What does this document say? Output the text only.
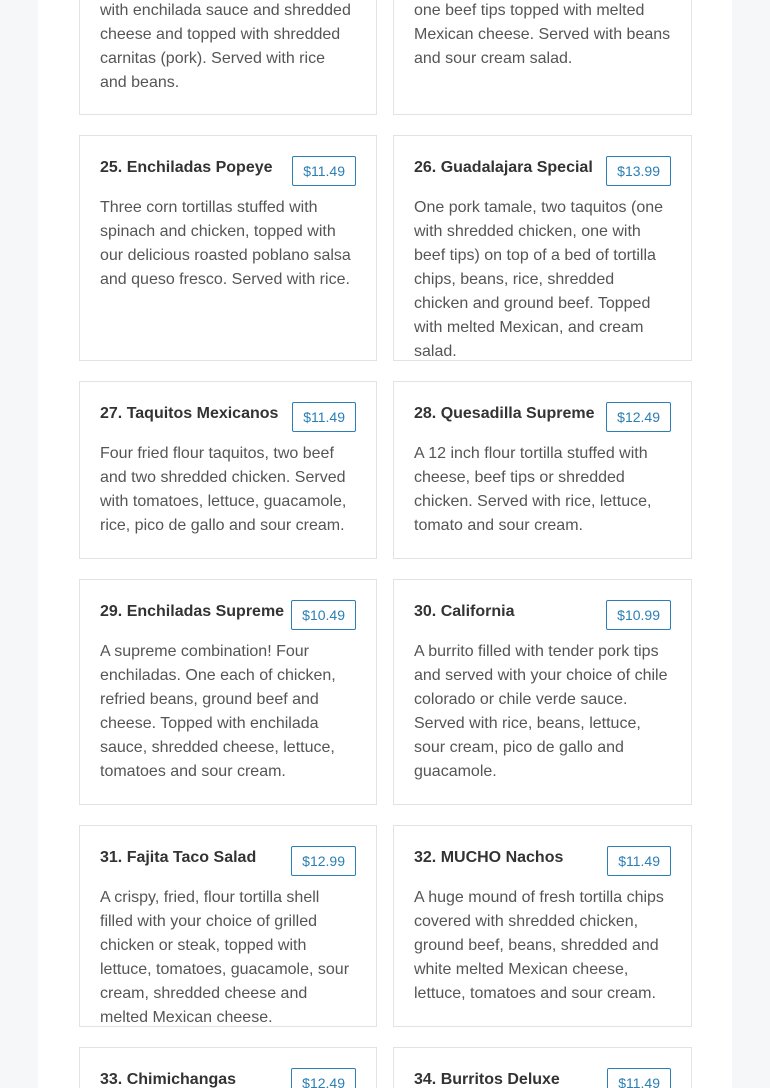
with enchilada sauce and shredded cheese and topped with shredded carnitas (pork). Served with rice and beans.
one beef tips topped with melted Mexican cheese. Served with beans and sour cream salad.
25. Enchiladas Popeye	$11.49
Three corn tortillas stuffed with spinach and chicken, topped with our delicious roasted poblano salsa and queso fresco. Served with rice.
26. Guadalajara Special	$13.99
One pork tamale, two taquitos (one with shredded chicken, one with beef tips) on top of a bed of tortilla chips, beans, rice, shredded chicken and ground beef. Topped with melted Mexican, and cream salad.
27. Taquitos Mexicanos	$11.49
Four fried flour taquitos, two beef and two shredded chicken. Served with tomatoes, lettuce, guacamole, rice, pico de gallo and sour cream.
28. Quesadilla Supreme	$12.49
A 12 inch flour tortilla stuffed with cheese, beef tips or shredded chicken. Served with rice, lettuce, tomato and sour cream.
29. Enchiladas Supreme	$10.49
A supreme combination! Four enchiladas. One each of chicken, refried beans, ground beef and cheese. Topped with enchilada sauce, shredded cheese, lettuce, tomatoes and sour cream.
30. California	$10.99
A burrito filled with tender pork tips and served with your choice of chile colorado or chile verde sauce. Served with rice, beans, lettuce, sour cream, pico de gallo and guacamole.
31. Fajita Taco Salad	$12.99
A crispy, fried, flour tortilla shell filled with your choice of grilled chicken or steak, topped with lettuce, tomatoes, guacamole, sour cream, shredded cheese and melted Mexican cheese.
32. MUCHO Nachos	$11.49
A huge mound of fresh tortilla chips covered with shredded chicken, ground beef, beans, shredded and white melted Mexican cheese, lettuce, tomatoes and sour cream.
33. Chimichangas	$12.49	34. Burritos Deluxe	$11.49
